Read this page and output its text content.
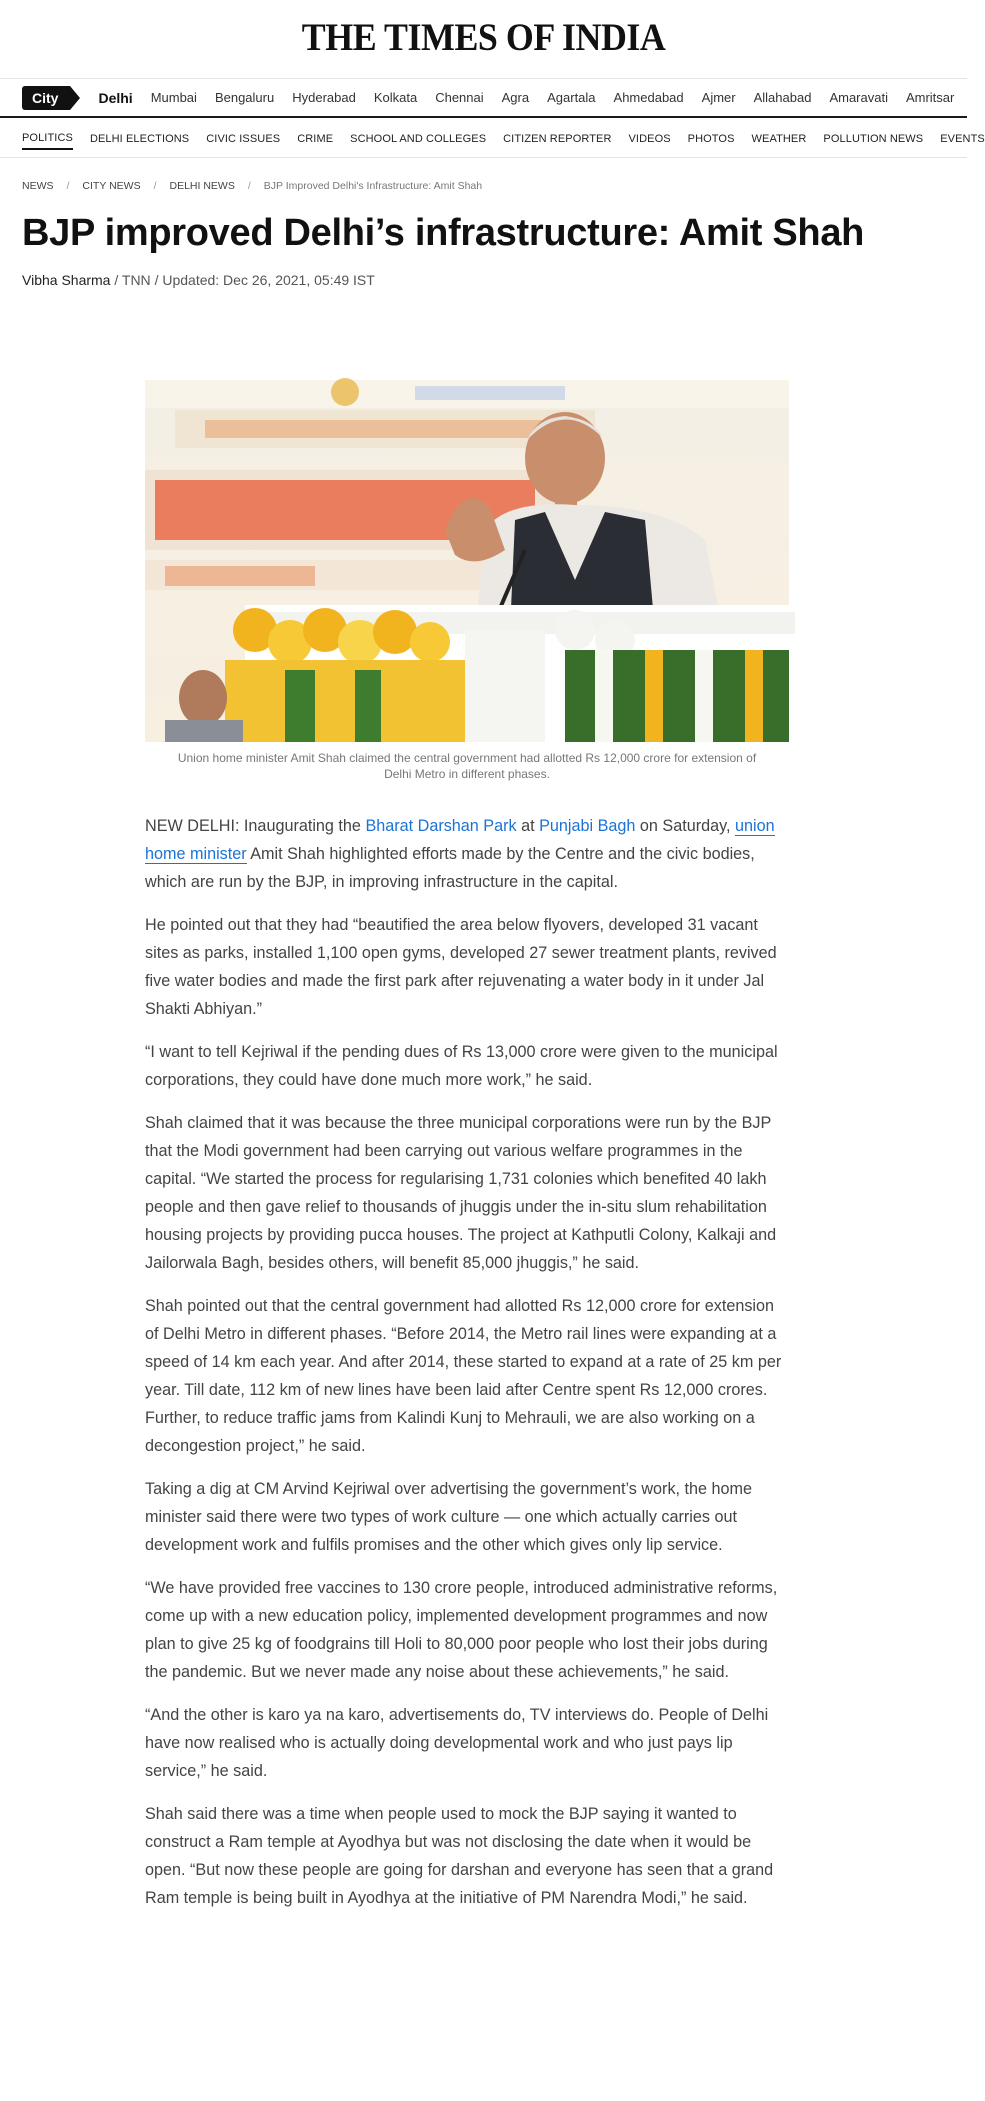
THE TIMES OF INDIA
City	Delhi Mumbai Bengaluru Hyderabad Kolkata Chennai Agra Agartala Ahmedabad Ajmer Allahabad Amaravati Amritsar
POLITICS DELHI ELECTIONS CIVIC ISSUES CRIME SCHOOL AND COLLEGES CITIZEN REPORTER VIDEOS PHOTOS WEATHER POLLUTION NEWS EVENTS
NEWS / CITY NEWS / DELHI NEWS / BJP Improved Delhi's Infrastructure: Amit Shah
BJP improved Delhi’s infrastructure: Amit Shah
Vibha Sharma / TNN / Updated: Dec 26, 2021, 05:49 IST
Union home minister Amit Shah claimed the central government had allotted Rs 12,000 crore for extension of Delhi Metro in different phases.

NEW DELHI: Inaugurating the Bharat Darshan Park at Punjabi Bagh on Saturday, union home minister Amit Shah highlighted efforts made by the Centre and the civic bodies, which are run by the BJP, in improving infrastructure in the capital.

He pointed out that they had “beautified the area below flyovers, developed 31 vacant sites as parks, installed 1,100 open gyms, developed 27 sewer treatment plants, revived five water bodies and made the first park after rejuvenating a water body in it under Jal Shakti Abhiyan.”

“I want to tell Kejriwal if the pending dues of Rs 13,000 crore were given to the municipal corporations, they could have done much more work,” he said.

Shah claimed that it was because the three municipal corporations were run by the BJP that the Modi government had been carrying out various welfare programmes in the capital. “We started the process for regularising 1,731 colonies which benefited 40 lakh people and then gave relief to thousands of jhuggis under the in-situ slum rehabilitation housing projects by providing pucca houses. The project at Kathputli Colony, Kalkaji and Jailorwala Bagh, besides others, will benefit 85,000 jhuggis,” he said.

Shah pointed out that the central government had allotted Rs 12,000 crore for extension of Delhi Metro in different phases. “Before 2014, the Metro rail lines were expanding at a speed of 14 km each year. And after 2014, these started to expand at a rate of 25 km per year. Till date, 112 km of new lines have been laid after Centre spent Rs 12,000 crores. Further, to reduce traffic jams from Kalindi Kunj to Mehrauli, we are also working on a decongestion project,” he said.

Taking a dig at CM Arvind Kejriwal over advertising the government’s work, the home minister said there were two types of work culture — one which actually carries out development work and fulfils promises and the other which gives only lip service.

“We have provided free vaccines to 130 crore people, introduced administrative reforms, come up with a new education policy, implemented development programmes and now plan to give 25 kg of foodgrains till Holi to 80,000 poor people who lost their jobs during the pandemic. But we never made any noise about these achievements,” he said.

“And the other is karo ya na karo, advertisements do, TV interviews do. People of Delhi have now realised who is actually doing developmental work and who just pays lip service,” he said.

Shah said there was a time when people used to mock the BJP saying it wanted to construct a Ram temple at Ayodhya but was not disclosing the date when it would be open. “But now these people are going for darshan and everyone has seen that a grand Ram temple is being built in Ayodhya at the initiative of PM Narendra Modi,” he said.
